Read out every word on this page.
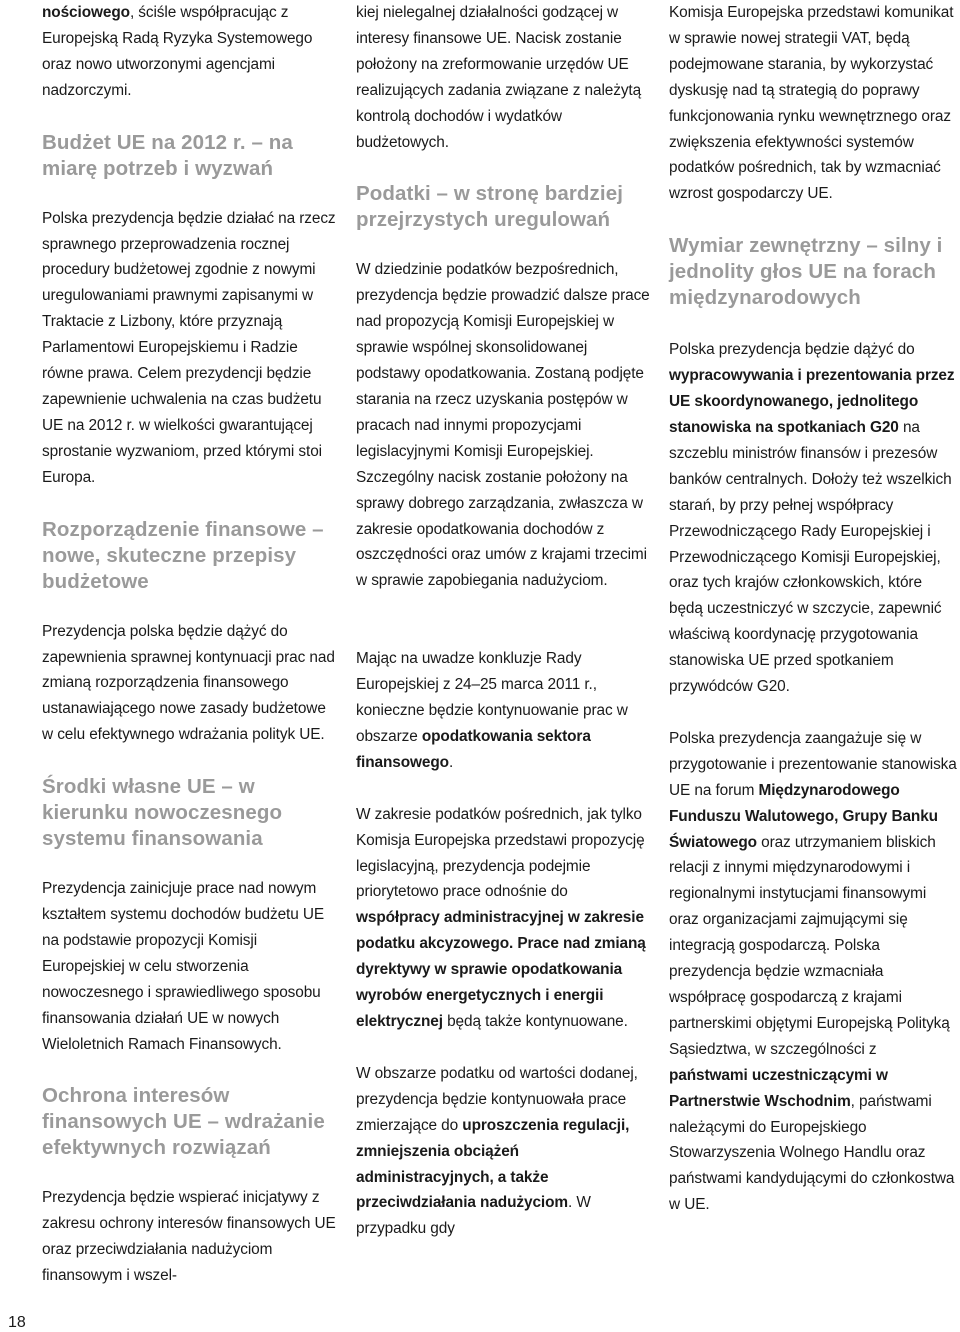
nościowego, ściśle współpracując z Europejską Radą Ryzyka Systemowego oraz nowo utworzonymi agencjami nadzorczymi.

Budżet UE na 2012 r. – na miarę potrzeb i wyzwań

Polska prezydencja będzie działać na rzecz sprawnego przeprowadzenia rocznej procedury budżetowej zgodnie z nowymi uregulowaniami prawnymi zapisanymi w Traktacie z Lizbony, które przyznają Parlamentowi Europejskiemu i Radzie równe prawa. Celem prezydencji będzie zapewnienie uchwalenia na czas budżetu UE na 2012 r. w wielkości gwarantującej sprostanie wyzwaniom, przed którymi stoi Europa.

Rozporządzenie finansowe – nowe, skuteczne przepisy budżetowe

Prezydencja polska będzie dążyć do zapewnienia sprawnej kontynuacji prac nad zmianą rozporządzenia finansowego ustanawiającego nowe zasady budżetowe w celu efektywnego wdrażania polityk UE.

Środki własne UE – w kierunku nowoczesnego systemu finansowania

Prezydencja zainicjuje prace nad nowym kształtem systemu dochodów budżetu UE na podstawie propozycji Komisji Europejskiej w celu stworzenia nowoczesnego i sprawiedliwego sposobu finansowania działań UE w nowych Wieloletnich Ramach Finansowych.

Ochrona interesów finansowych UE – wdrażanie efektywnych rozwiązań

Prezydencja będzie wspierać inicjatywy z zakresu ochrony interesów finansowych UE oraz przeciwdziałania nadużyciom finansowym i wszel-

kiej nielegalnej działalności godzącej w interesy finansowe UE. Nacisk zostanie położony na zreformowanie urzędów UE realizujących zadania związane z należytą kontrolą dochodów i wydatków budżetowych.

Podatki – w stronę bardziej przejrzystych uregulowań

W dziedzinie podatków bezpośrednich, prezydencja będzie prowadzić dalsze prace nad propozycją Komisji Europejskiej w sprawie wspólnej skonsolidowanej podstawy opodatkowania. Zostaną podjęte starania na rzecz uzyskania postępów w pracach nad innymi propozycjami legislacyjnymi Komisji Europejskiej. Szczególny nacisk zostanie położony na sprawy dobrego zarządzania, zwłaszcza w zakresie opodatkowania dochodów z oszczędności oraz umów z krajami trzecimi w sprawie zapobiegania nadużyciom.

Mając na uwadze konkluzje Rady Europejskiej z 24–25 marca 2011 r., konieczne będzie kontynuowanie prac w obszarze opodatkowania sektora finansowego.

W zakresie podatków pośrednich, jak tylko Komisja Europejska przedstawi propozycję legislacyjną, prezydencja podejmie priorytetowo prace odnośnie do współpracy administracyjnej w zakresie podatku akcyzowego. Prace nad zmianą dyrektywy w sprawie opodatkowania wyrobów energetycznych i energii elektrycznej będą także kontynuowane.

W obszarze podatku od wartości dodanej, prezydencja będzie kontynuowała prace zmierzające do uproszczenia regulacji, zmniejszenia obciążeń administracyjnych, a także przeciwdziałania nadużyciom. W przypadku gdy

Komisja Europejska przedstawi komunikat w sprawie nowej strategii VAT, będą podejmowane starania, by wykorzystać dyskusję nad tą strategią do poprawy funkcjonowania rynku wewnętrznego oraz zwiększenia efektywności systemów podatków pośrednich, tak by wzmacniać wzrost gospodarczy UE.

Wymiar zewnętrzny – silny i jednolity głos UE na forach międzynarodowych

Polska prezydencja będzie dążyć do wypracowywania i prezentowania przez UE skoordynowanego, jednolitego stanowiska na spotkaniach G20 na szczeblu ministrów finansów i prezesów banków centralnych. Dołoży też wszelkich starań, by przy pełnej współpracy Przewodniczącego Rady Europejskiej i Przewodniczącego Komisji Europejskiej, oraz tych krajów członkowskich, które będą uczestniczyć w szczycie, zapewnić właściwą koordynację przygotowania stanowiska UE przed spotkaniem przywódców G20.

Polska prezydencja zaangażuje się w przygotowanie i prezentowanie stanowiska UE na forum Międzynarodowego Funduszu Walutowego, Grupy Banku Światowego oraz utrzymaniem bliskich relacji z innymi międzynarodowymi i regionalnymi instytucjami finansowymi oraz organizacjami zajmującymi się integracją gospodarczą. Polska prezydencja będzie wzmacniała współpracę gospodarczą z krajami partnerskimi objętymi Europejską Polityką Sąsiedztwa, w szczególności z państwami uczestniczącymi w Partnerstwie Wschodnim, państwami należącymi do Europejskiego Stowarzyszenia Wolnego Handlu oraz państwami kandydującymi do członkostwa w UE.

18
